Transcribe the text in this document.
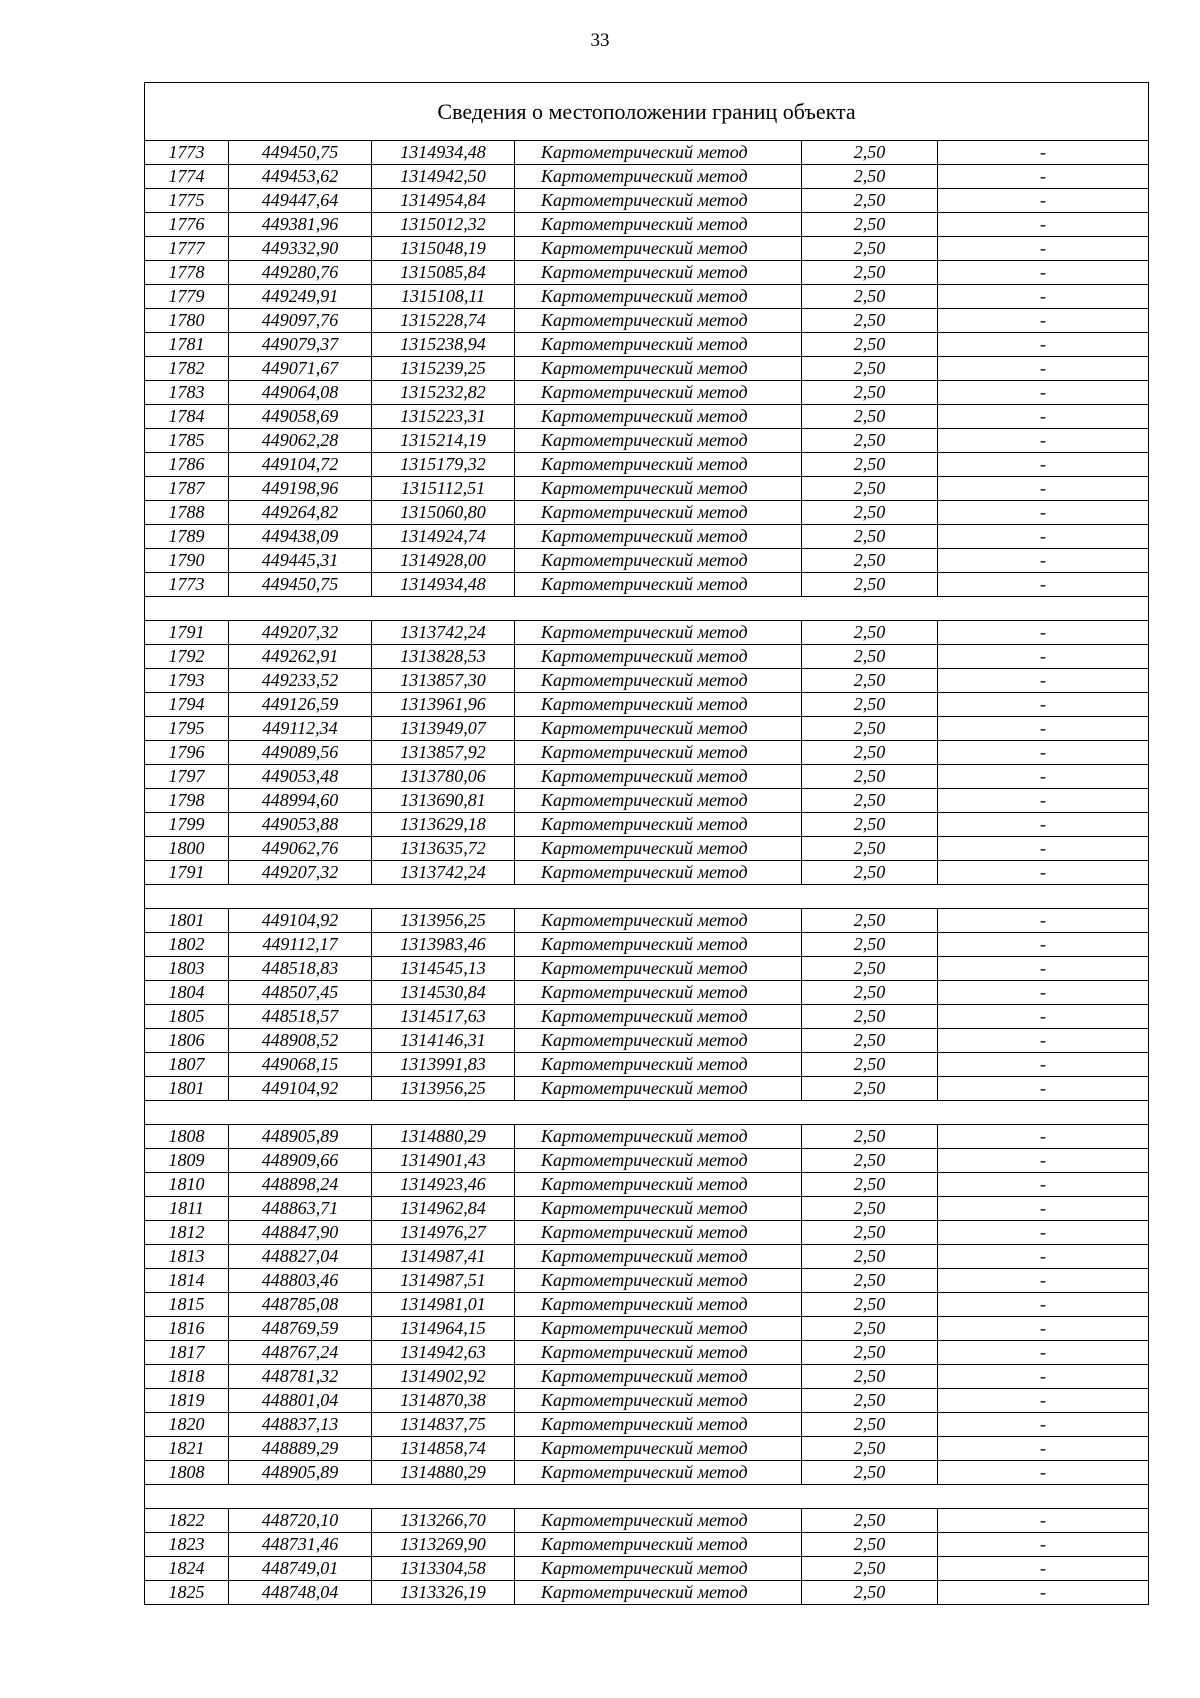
33
Сведения о местоположении границ объекта					
1773	449450,75	1314934,48	Картометрический метод	2,50	-
1774	449453,62	1314942,50	Картометрический метод	2,50	-
1775	449447,64	1314954,84	Картометрический метод	2,50	-
1776	449381,96	1315012,32	Картометрический метод	2,50	-
1777	449332,90	1315048,19	Картометрический метод	2,50	-
1778	449280,76	1315085,84	Картометрический метод	2,50	-
1779	449249,91	1315108,11	Картометрический метод	2,50	-
1780	449097,76	1315228,74	Картометрический метод	2,50	-
1781	449079,37	1315238,94	Картометрический метод	2,50	-
1782	449071,67	1315239,25	Картометрический метод	2,50	-
1783	449064,08	1315232,82	Картометрический метод	2,50	-
1784	449058,69	1315223,31	Картометрический метод	2,50	-
1785	449062,28	1315214,19	Картометрический метод	2,50	-
1786	449104,72	1315179,32	Картометрический метод	2,50	-
1787	449198,96	1315112,51	Картометрический метод	2,50	-
1788	449264,82	1315060,80	Картометрический метод	2,50	-
1789	449438,09	1314924,74	Картометрический метод	2,50	-
1790	449445,31	1314928,00	Картометрический метод	2,50	-
1773	449450,75	1314934,48	Картометрический метод	2,50	-

1791	449207,32	1313742,24	Картометрический метод	2,50	-
1792	449262,91	1313828,53	Картометрический метод	2,50	-
1793	449233,52	1313857,30	Картометрический метод	2,50	-
1794	449126,59	1313961,96	Картометрический метод	2,50	-
1795	449112,34	1313949,07	Картометрический метод	2,50	-
1796	449089,56	1313857,92	Картометрический метод	2,50	-
1797	449053,48	1313780,06	Картометрический метод	2,50	-
1798	448994,60	1313690,81	Картометрический метод	2,50	-
1799	449053,88	1313629,18	Картометрический метод	2,50	-
1800	449062,76	1313635,72	Картометрический метод	2,50	-
1791	449207,32	1313742,24	Картометрический метод	2,50	-

1801	449104,92	1313956,25	Картометрический метод	2,50	-
1802	449112,17	1313983,46	Картометрический метод	2,50	-
1803	448518,83	1314545,13	Картометрический метод	2,50	-
1804	448507,45	1314530,84	Картометрический метод	2,50	-
1805	448518,57	1314517,63	Картометрический метод	2,50	-
1806	448908,52	1314146,31	Картометрический метод	2,50	-
1807	449068,15	1313991,83	Картометрический метод	2,50	-
1801	449104,92	1313956,25	Картометрический метод	2,50	-

1808	448905,89	1314880,29	Картометрический метод	2,50	-
1809	448909,66	1314901,43	Картометрический метод	2,50	-
1810	448898,24	1314923,46	Картометрический метод	2,50	-
1811	448863,71	1314962,84	Картометрический метод	2,50	-
1812	448847,90	1314976,27	Картометрический метод	2,50	-
1813	448827,04	1314987,41	Картометрический метод	2,50	-
1814	448803,46	1314987,51	Картометрический метод	2,50	-
1815	448785,08	1314981,01	Картометрический метод	2,50	-
1816	448769,59	1314964,15	Картометрический метод	2,50	-
1817	448767,24	1314942,63	Картометрический метод	2,50	-
1818	448781,32	1314902,92	Картометрический метод	2,50	-
1819	448801,04	1314870,38	Картометрический метод	2,50	-
1820	448837,13	1314837,75	Картометрический метод	2,50	-
1821	448889,29	1314858,74	Картометрический метод	2,50	-
1808	448905,89	1314880,29	Картометрический метод	2,50	-

1822	448720,10	1313266,70	Картометрический метод	2,50	-
1823	448731,46	1313269,90	Картометрический метод	2,50	-
1824	448749,01	1313304,58	Картометрический метод	2,50	-
1825	448748,04	1313326,19	Картометрический метод	2,50	-
